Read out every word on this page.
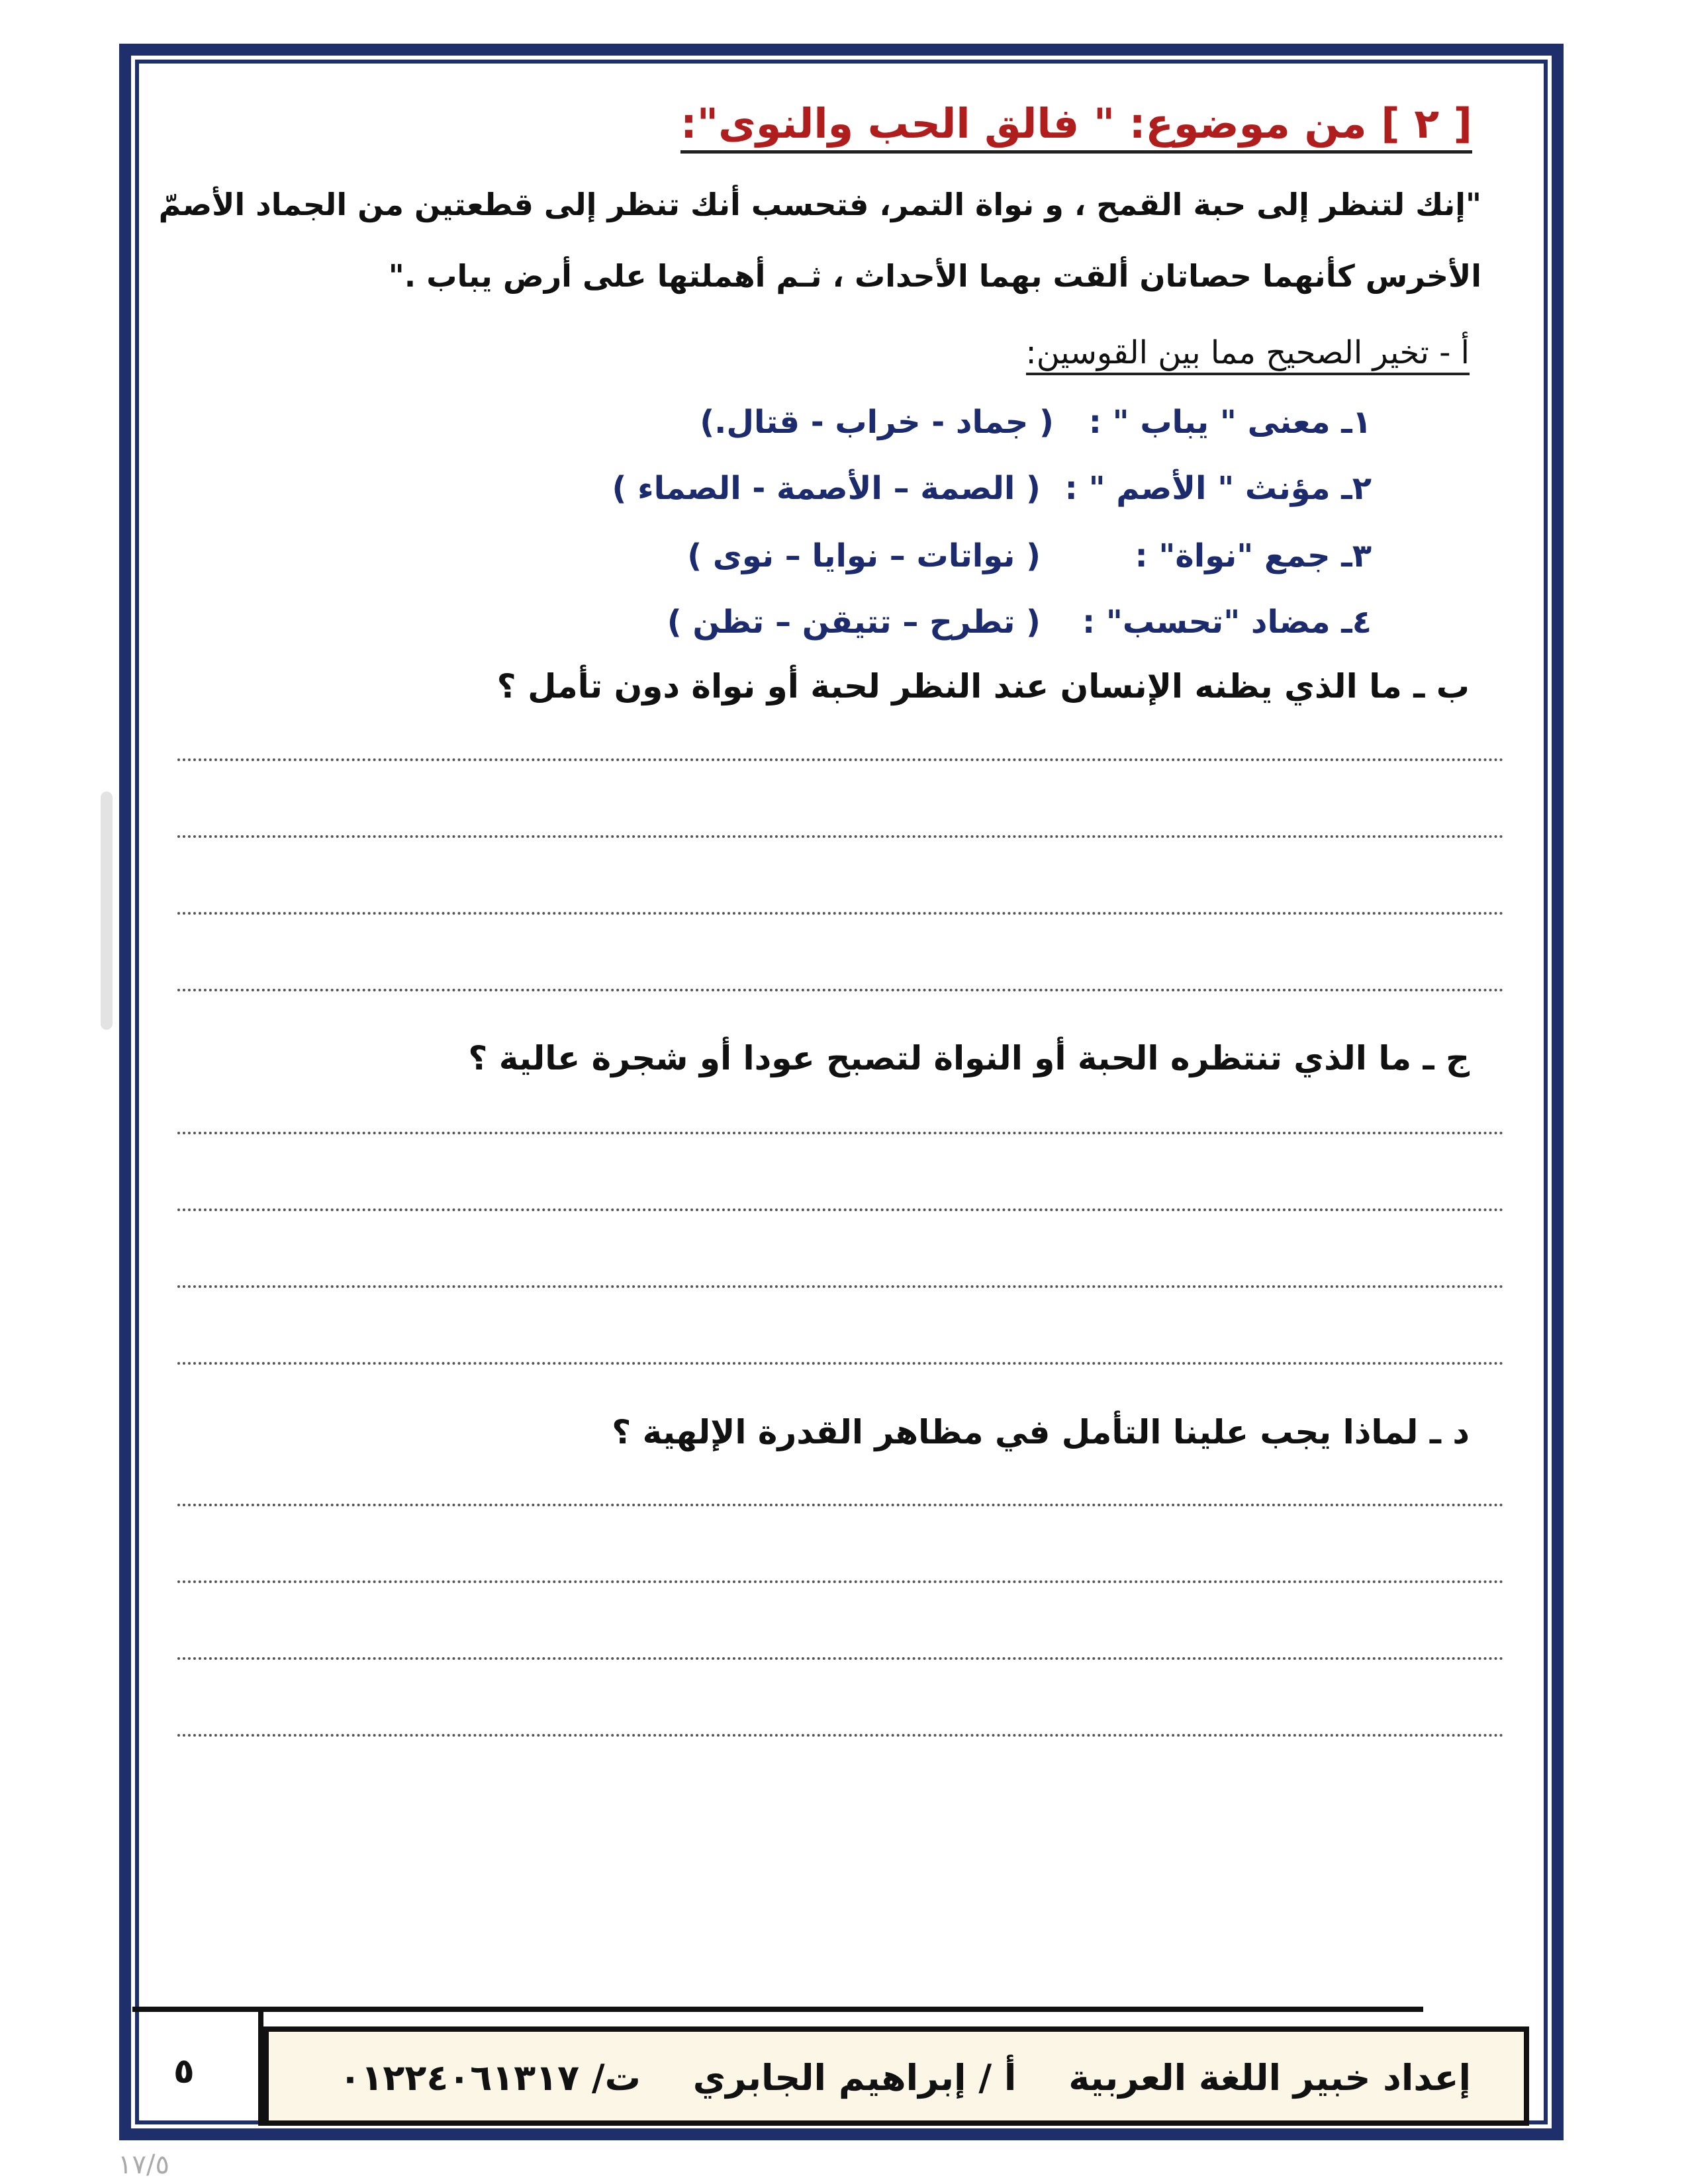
[ ٢ ] من موضوع: " فالق الحب والنوى":
"إنك لتنظر إلى حبة القمح ، و نواة التمر، فتحسب أنك تنظر إلى قطعتين من الجماد الأصمّ
الأخرس كأنهما حصاتان ألقت بهما الأحداث ، ثـم أهملتها على أرض يباب ."
أ - تخير الصحيح مما بين القوسين:
١ـ معنى " يباب " :
( جماد - خراب - قتال.)
٢ـ مؤنث " الأصم " :
( الصمة – الأصمة - الصماء )
٣ـ جمع "نواة" :
( نواتات – نوايا – نوى )
٤ـ مضاد "تحسب" :
( تطرح – تتيقن – تظن )
ب ـ ما الذي يظنه الإنسان عند النظر لحبة أو نواة دون تأمل ؟
ج ـ ما الذي تنتظره الحبة أو النواة لتصبح عودا أو شجرة عالية ؟
د ـ لماذا يجب علينا التأمل في مظاهر القدرة الإلهية ؟
إعداد خبير اللغة العربية أ / إبراهيم الجابري ت/ ٠١٢٢٤٠٦١٣١٧
٥
١٧/٥
